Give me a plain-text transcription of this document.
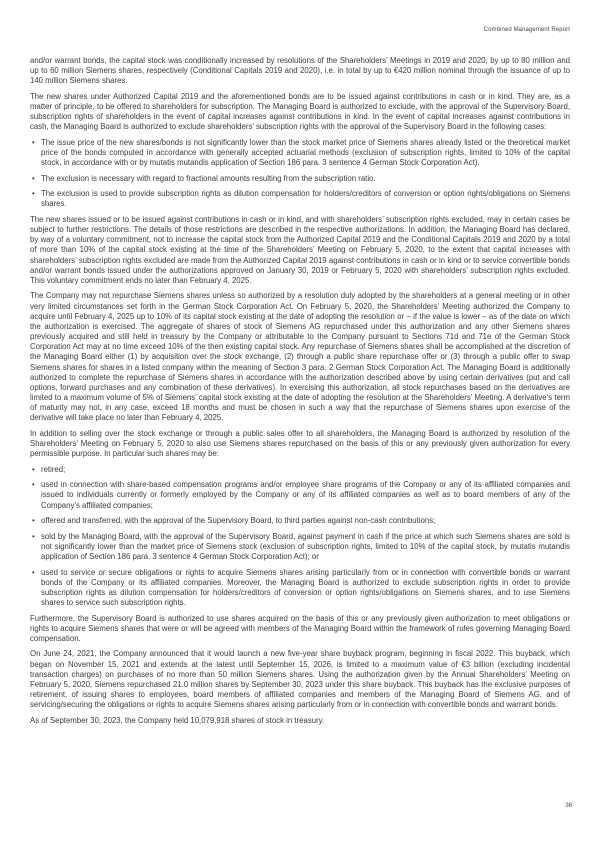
Combined Management Report

and/or warrant bonds, the capital stock was conditionally increased by resolutions of the Shareholders’ Meetings in 2019 and 2020, by up to 80 million and up to 60 million Siemens shares, respectively (Conditional Capitals 2019 and 2020), i.e. in total by up to €420 million nominal through the issuance of up to 140 million Siemens shares.

The new shares under Authorized Capital 2019 and the aforementioned bonds are to be issued against contributions in cash or in kind. They are, as a matter of principle, to be offered to shareholders for subscription. The Managing Board is authorized to exclude, with the approval of the Supervisory Board, subscription rights of shareholders in the event of capital increases against contributions in kind. In the event of capital increases against contributions in cash, the Managing Board is authorized to exclude shareholders’ subscription rights with the approval of the Supervisory Board in the following cases:

• The issue price of the new shares/bonds is not significantly lower than the stock market price of Siemens shares already listed or the theoretical market price of the bonds computed in accordance with generally accepted actuarial methods (exclusion of subscription rights, limited to 10% of the capital stock, in accordance with or by mutatis mutandis application of Section 186 para. 3 sentence 4 German Stock Corporation Act).
• The exclusion is necessary with regard to fractional amounts resulting from the subscription ratio.
• The exclusion is used to provide subscription rights as dilution compensation for holders/creditors of conversion or option rights/obligations on Siemens shares.

The new shares issued or to be issued against contributions in cash or in kind, and with shareholders’ subscription rights excluded, may in certain cases be subject to further restrictions. The details of those restrictions are described in the respective authorizations. In addition, the Managing Board has declared, by way of a voluntary commitment, not to increase the capital stock from the Authorized Capital 2019 and the Conditional Capitals 2019 and 2020 by a total of more than 10% of the capital stock existing at the time of the Shareholders’ Meeting on February 5, 2020, to the extent that capital increases with shareholders’ subscription rights excluded are made from the Authorized Capital 2019 against contributions in cash or in kind or to service convertible bonds and/or warrant bonds issued under the authorizations approved on January 30, 2019 or February 5, 2020 with shareholders’ subscription rights excluded. This voluntary commitment ends no later than February 4, 2025.

The Company may not repurchase Siemens shares unless so authorized by a resolution duly adopted by the shareholders at a general meeting or in other very limited circumstances set forth in the German Stock Corporation Act. On February 5, 2020, the Shareholders’ Meeting authorized the Company to acquire until February 4, 2025 up to 10% of its capital stock existing at the date of adopting the resolution or – if the value is lower – as of the date on which the authorization is exercised. The aggregate of shares of stock of Siemens AG repurchased under this authorization and any other Siemens shares previously acquired and still held in treasury by the Company or attributable to the Company pursuant to Sections 71d and 71e of the German Stock Corporation Act may at no time exceed 10% of the then existing capital stock. Any repurchase of Siemens shares shall be accomplished at the discretion of the Managing Board either (1) by acquisition over the stock exchange, (2) through a public share repurchase offer or (3) through a public offer to swap Siemens shares for shares in a listed company within the meaning of Section 3 para. 2 German Stock Corporation Act. The Managing Board is additionally authorized to complete the repurchase of Siemens shares in accordance with the authorization described above by using certain derivatives (put and call options, forward purchases and any combination of these derivatives). In exercising this authorization, all stock repurchases based on the derivatives are limited to a maximum volume of 5% of Siemens’ capital stock existing at the date of adopting the resolution at the Shareholders’ Meeting. A derivative’s term of maturity may not, in any case, exceed 18 months and must be chosen in such a way that the repurchase of Siemens shares upon exercise of the derivative will take place no later than February 4, 2025.

In addition to selling over the stock exchange or through a public sales offer to all shareholders, the Managing Board is authorized by resolution of the Shareholders’ Meeting on February 5, 2020 to also use Siemens shares repurchased on the basis of this or any previously given authorization for every permissible purpose. In particular such shares may be:

• retired;
• used in connection with share-based compensation programs and/or employee share programs of the Company or any of its affiliated companies and issued to individuals currently or formerly employed by the Company or any of its affiliated companies as well as to board members of any of the Company’s affiliated companies;
• offered and transferred, with the approval of the Supervisory Board, to third parties against non-cash contributions;
• sold by the Managing Board, with the approval of the Supervisory Board, against payment in cash if the price at which such Siemens shares are sold is not significantly lower than the market price of Siemens stock (exclusion of subscription rights, limited to 10% of the capital stock, by mutatis mutandis application of Section 186 para. 3 sentence 4 German Stock Corporation Act); or
• used to service or secure obligations or rights to acquire Siemens shares arising particularly from or in connection with convertible bonds or warrant bonds of the Company or its affiliated companies. Moreover, the Managing Board is authorized to exclude subscription rights in order to provide subscription rights as dilution compensation for holders/creditors of conversion or option rights/obligations on Siemens shares, and to use Siemens shares to service such subscription rights.

Furthermore, the Supervisory Board is authorized to use shares acquired on the basis of this or any previously given authorization to meet obligations or rights to acquire Siemens shares that were or will be agreed with members of the Managing Board within the framework of rules governing Managing Board compensation.

On June 24, 2021, the Company announced that it would launch a new five-year share buyback program, beginning in fiscal 2022. This buyback, which began on November 15, 2021 and extends at the latest until September 15, 2026, is limited to a maximum value of €3 billion (excluding incidental transaction charges) on purchases of no more than 50 million Siemens shares. Using the authorization given by the Annual Shareholders’ Meeting on February 5, 2020, Siemens repurchased 21.0 million shares by September 30, 2023 under this share buyback. This buyback has the exclusive purposes of retirement, of issuing shares to employees, board members of affiliated companies and members of the Managing Board of Siemens AG, and of servicing/securing the obligations or rights to acquire Siemens shares arising particularly from or in connection with convertible bonds and warrant bonds.

As of September 30, 2023, the Company held 10,079,918 shares of stock in treasury.

36
